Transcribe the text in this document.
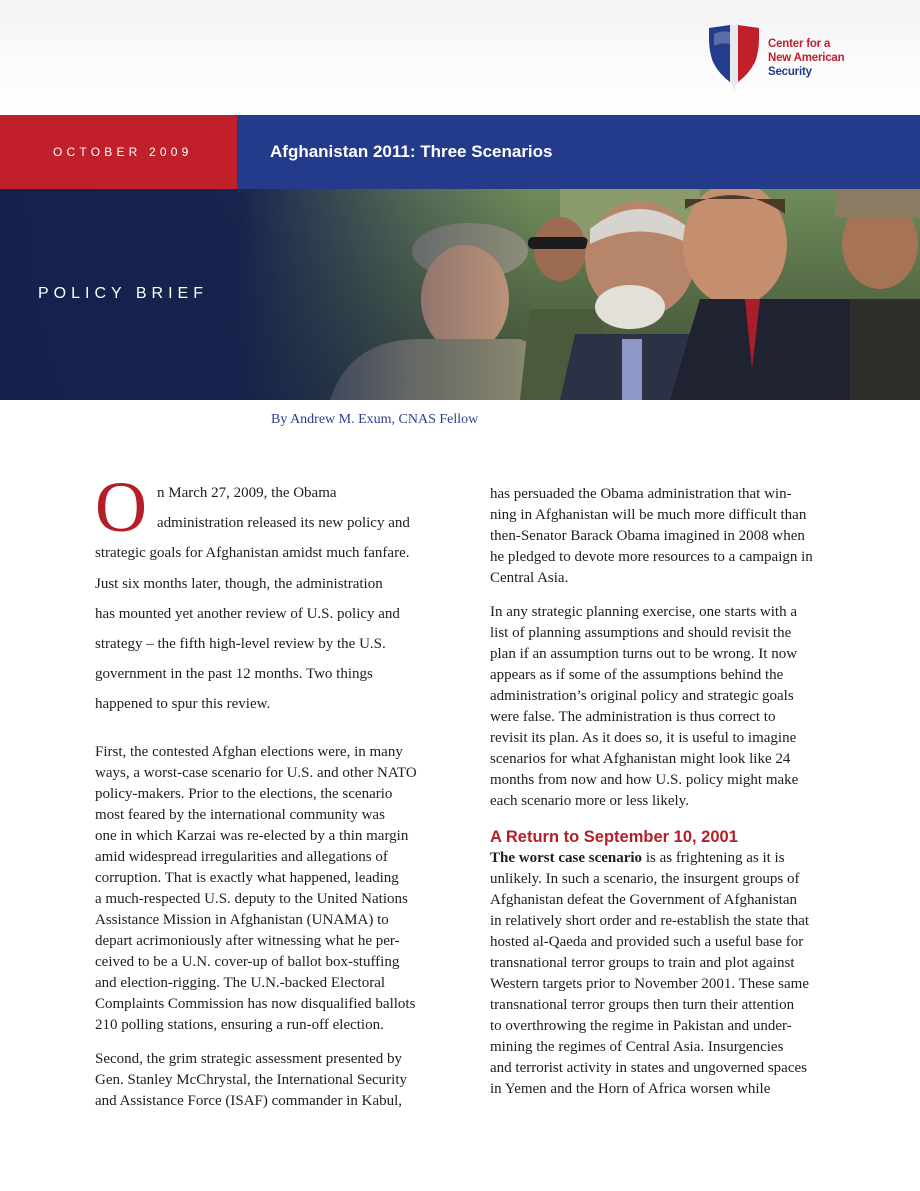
Center for a
New American
Security
OCTOBER 2009	Afghanistan 2011: Three Scenarios
POLICY BRIEF
By Andrew M. Exum, CNAS Fellow
O n March 27, 2009, the Obama
administration released its new policy and
strategic goals for Afghanistan amidst much fanfare.
Just six months later, though, the administration
has mounted yet another review of U.S. policy and
strategy – the fifth high-level review by the U.S.
government in the past 12 months. Two things
happened to spur this review.
First, the contested Afghan elections were, in many
ways, a worst-case scenario for U.S. and other NATO
policy-makers. Prior to the elections, the scenario
most feared by the international community was
one in which Karzai was re-elected by a thin margin
amid widespread irregularities and allegations of
corruption. That is exactly what happened, leading
a much-respected U.S. deputy to the United Nations
Assistance Mission in Afghanistan (UNAMA) to
depart acrimoniously after witnessing what he per-
ceived to be a U.N. cover-up of ballot box-stuffing
and election-rigging. The U.N.-backed Electoral
Complaints Commission has now disqualified ballots
210 polling stations, ensuring a run-off election.
Second, the grim strategic assessment presented by
Gen. Stanley McChrystal, the International Security
and Assistance Force (ISAF) commander in Kabul,
has persuaded the Obama administration that win-
ning in Afghanistan will be much more difficult than
then-Senator Barack Obama imagined in 2008 when
he pledged to devote more resources to a campaign in
Central Asia.
In any strategic planning exercise, one starts with a
list of planning assumptions and should revisit the
plan if an assumption turns out to be wrong. It now
appears as if some of the assumptions behind the
administration’s original policy and strategic goals
were false. The administration is thus correct to
revisit its plan. As it does so, it is useful to imagine
scenarios for what Afghanistan might look like 24
months from now and how U.S. policy might make
each scenario more or less likely.
A Return to September 10, 2001
The worst case scenario is as frightening as it is
unlikely. In such a scenario, the insurgent groups of
Afghanistan defeat the Government of Afghanistan
in relatively short order and re-establish the state that
hosted al-Qaeda and provided such a useful base for
transnational terror groups to train and plot against
Western targets prior to November 2001. These same
transnational terror groups then turn their attention
to overthrowing the regime in Pakistan and under-
mining the regimes of Central Asia. Insurgencies
and terrorist activity in states and ungoverned spaces
in Yemen and the Horn of Africa worsen while
